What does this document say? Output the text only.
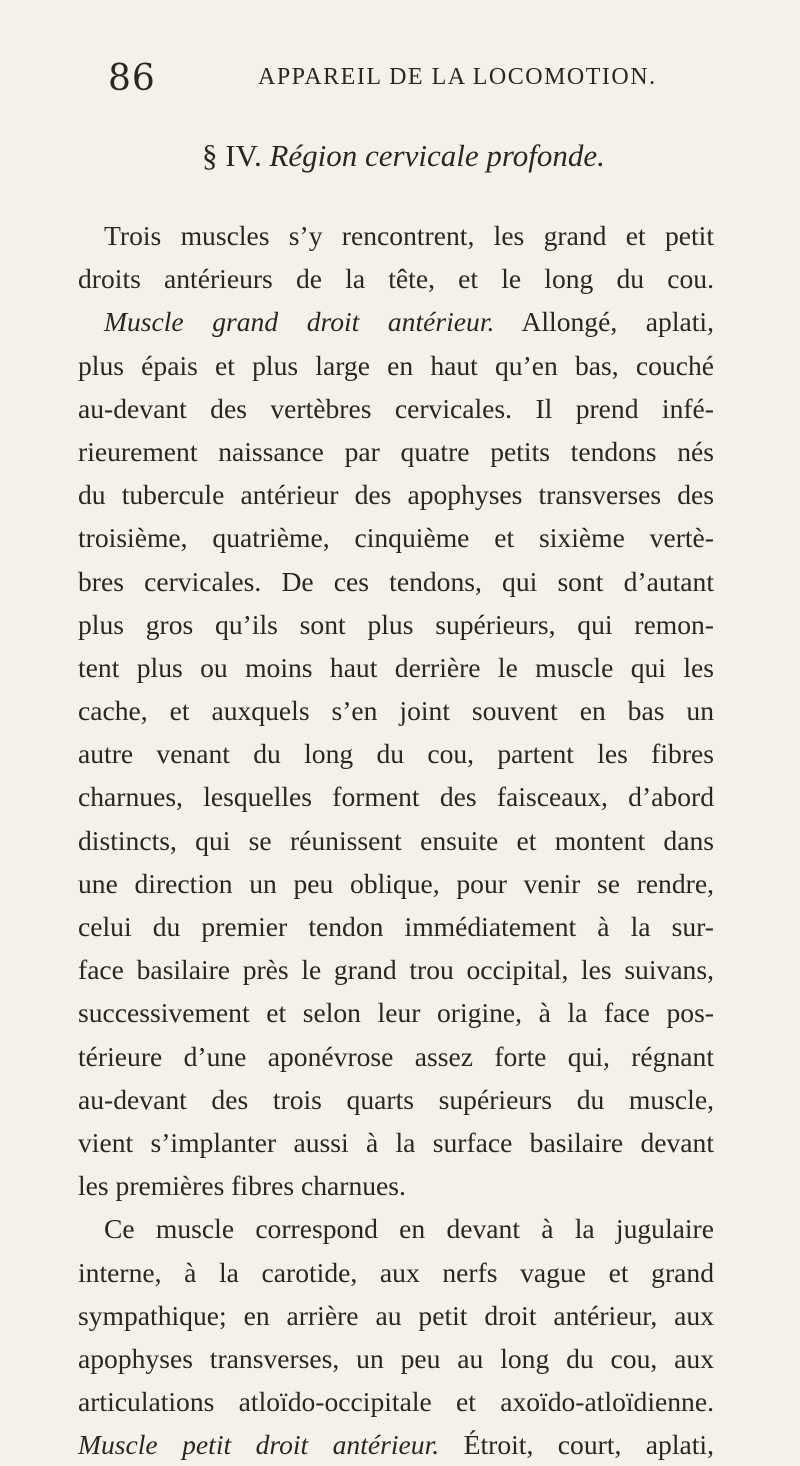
86	APPAREIL DE LA LOCOMOTION.
§ IV. Région cervicale profonde.
Trois muscles s’y rencontrent, les grand et petit
droits antérieurs de la tête, et le long du cou.
Muscle grand droit antérieur. Allongé, aplati,
plus épais et plus large en haut qu’en bas, couché
au-devant des vertèbres cervicales. Il prend infé-
rieurement naissance par quatre petits tendons nés
du tubercule antérieur des apophyses transverses des
troisième, quatrième, cinquième et sixième vertè-
bres cervicales. De ces tendons, qui sont d’autant
plus gros qu’ils sont plus supérieurs, qui remon-
tent plus ou moins haut derrière le muscle qui les
cache, et auxquels s’en joint souvent en bas un
autre venant du long du cou, partent les fibres
charnues, lesquelles forment des faisceaux, d’abord
distincts, qui se réunissent ensuite et montent dans
une direction un peu oblique, pour venir se rendre,
celui du premier tendon immédiatement à la sur-
face basilaire près le grand trou occipital, les suivans,
successivement et selon leur origine, à la face pos-
térieure d’une aponévrose assez forte qui, régnant
au-devant des trois quarts supérieurs du muscle,
vient s’implanter aussi à la surface basilaire devant
les premières fibres charnues.
Ce muscle correspond en devant à la jugulaire
interne, à la carotide, aux nerfs vague et grand
sympathique; en arrière au petit droit antérieur, aux
apophyses transverses, un peu au long du cou, aux
articulations atloïdo-occipitale et axoïdo-atloïdienne.
Muscle petit droit antérieur. Étroit, court, aplati,
